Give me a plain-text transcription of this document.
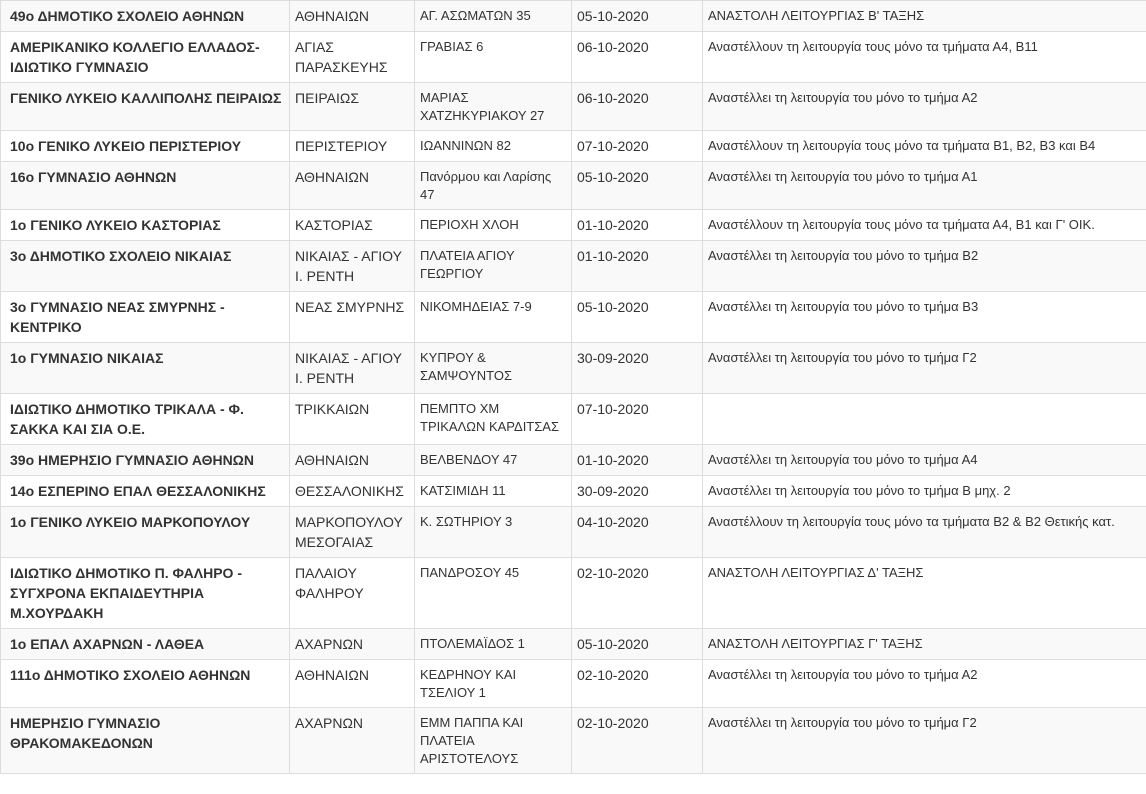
49ο ΔΗΜΟΤΙΚΟ ΣΧΟΛΕΙΟ ΑΘΗΝΩΝ	ΑΘΗΝΑΙΩΝ	ΑΓ. ΑΣΩΜΑΤΩΝ 35	05-10-2020	ΑΝΑΣΤΟΛΗ ΛΕΙΤΟΥΡΓΙΑΣ Β' ΤΑΞΗΣ
ΑΜΕΡΙΚΑΝΙΚΟ ΚΟΛΛΕΓΙΟ ΕΛΛΑΔΟΣ-ΙΔΙΩΤΙΚΟ ΓΥΜΝΑΣΙΟ	ΑΓΙΑΣ ΠΑΡΑΣΚΕΥΗΣ	ΓΡΑΒΙΑΣ 6	06-10-2020	Αναστέλλουν τη λειτουργία τους μόνο τα τμήματα Α4, Β11
ΓΕΝΙΚΟ ΛΥΚΕΙΟ ΚΑΛΛΙΠΟΛΗΣ ΠΕΙΡΑΙΩΣ	ΠΕΙΡΑΙΩΣ	ΜΑΡΙΑΣ ΧΑΤΖΗΚΥΡΙΑΚΟΥ 27	06-10-2020	Αναστέλλει τη λειτουργία του μόνο το τμήμα Α2
10ο ΓΕΝΙΚΟ ΛΥΚΕΙΟ ΠΕΡΙΣΤΕΡΙΟΥ	ΠΕΡΙΣΤΕΡΙΟΥ	ΙΩΑΝΝΙΝΩΝ 82	07-10-2020	Αναστέλλουν τη λειτουργία τους μόνο τα τμήματα Β1, Β2, Β3 και Β4
16ο ΓΥΜΝΑΣΙΟ ΑΘΗΝΩΝ	ΑΘΗΝΑΙΩΝ	Πανόρμου και Λαρίσης 47	05-10-2020	Αναστέλλει τη λειτουργία του μόνο το τμήμα Α1
1ο ΓΕΝΙΚΟ ΛΥΚΕΙΟ ΚΑΣΤΟΡΙΑΣ	ΚΑΣΤΟΡΙΑΣ	ΠΕΡΙΟΧΗ ΧΛΟΗ	01-10-2020	Αναστέλλουν τη λειτουργία τους μόνο τα τμήματα Α4, Β1 και Γ' ΟΙΚ.
3ο ΔΗΜΟΤΙΚΟ ΣΧΟΛΕΙΟ ΝΙΚΑΙΑΣ	ΝΙΚΑΙΑΣ - ΑΓΙΟΥ Ι. ΡΕΝΤΗ	ΠΛΑΤΕΙΑ ΑΓΙΟΥ ΓΕΩΡΓΙΟΥ	01-10-2020	Αναστέλλει τη λειτουργία του μόνο το τμήμα Β2
3ο ΓΥΜΝΑΣΙΟ ΝΕΑΣ ΣΜΥΡΝΗΣ - ΚΕΝΤΡΙΚΟ	ΝΕΑΣ ΣΜΥΡΝΗΣ	ΝΙΚΟΜΗΔΕΙΑΣ 7-9	05-10-2020	Αναστέλλει τη λειτουργία του μόνο το τμήμα Β3
1ο ΓΥΜΝΑΣΙΟ ΝΙΚΑΙΑΣ	ΝΙΚΑΙΑΣ - ΑΓΙΟΥ Ι. ΡΕΝΤΗ	ΚΥΠΡΟΥ & ΣΑΜΨΟΥΝΤΟΣ	30-09-2020	Αναστέλλει τη λειτουργία του μόνο το τμήμα Γ2
ΙΔΙΩΤΙΚΟ ΔΗΜΟΤΙΚΟ ΤΡΙΚΑΛΑ - Φ. ΣΑΚΚΑ ΚΑΙ ΣΙΑ Ο.Ε.	ΤΡΙΚΚΑΙΩΝ	ΠΕΜΠΤΟ ΧΜ ΤΡΙΚΑΛΩΝ ΚΑΡΔΙΤΣΑΣ	07-10-2020	
39ο ΗΜΕΡΗΣΙΟ ΓΥΜΝΑΣΙΟ ΑΘΗΝΩΝ	ΑΘΗΝΑΙΩΝ	ΒΕΛΒΕΝΔΟΥ 47	01-10-2020	Αναστέλλει τη λειτουργία του μόνο το τμήμα Α4
14ο ΕΣΠΕΡΙΝΟ ΕΠΑΛ ΘΕΣΣΑΛΟΝΙΚΗΣ	ΘΕΣΣΑΛΟΝΙΚΗΣ	ΚΑΤΣΙΜΙΔΗ 11	30-09-2020	Αναστέλλει τη λειτουργία του μόνο το τμήμα Β μηχ. 2
1ο ΓΕΝΙΚΟ ΛΥΚΕΙΟ ΜΑΡΚΟΠΟΥΛΟΥ	ΜΑΡΚΟΠΟΥΛΟΥ ΜΕΣΟΓΑΙΑΣ	Κ. ΣΩΤΗΡΙΟΥ 3	04-10-2020	Αναστέλλουν τη λειτουργία τους μόνο τα τμήματα Β2 & Β2 Θετικής κατ.
ΙΔΙΩΤΙΚΟ ΔΗΜΟΤΙΚΟ Π. ΦΑΛΗΡΟ - ΣΥΓΧΡΟΝΑ ΕΚΠΑΙΔΕΥΤΗΡΙΑ Μ.ΧΟΥΡΔΑΚΗ	ΠΑΛΑΙΟΥ ΦΑΛΗΡΟΥ	ΠΑΝΔΡΟΣΟΥ 45	02-10-2020	ΑΝΑΣΤΟΛΗ ΛΕΙΤΟΥΡΓΙΑΣ Δ' ΤΑΞΗΣ
1ο ΕΠΑΛ ΑΧΑΡΝΩΝ - ΛΑΘΕΑ	ΑΧΑΡΝΩΝ	ΠΤΟΛΕΜΑΪΔΟΣ 1	05-10-2020	ΑΝΑΣΤΟΛΗ ΛΕΙΤΟΥΡΓΙΑΣ Γ' ΤΑΞΗΣ
111ο ΔΗΜΟΤΙΚΟ ΣΧΟΛΕΙΟ ΑΘΗΝΩΝ	ΑΘΗΝΑΙΩΝ	ΚΕΔΡΗΝΟΥ ΚΑΙ ΤΣΕΛΙΟΥ 1	02-10-2020	Αναστέλλει τη λειτουργία του μόνο το τμήμα Α2
ΗΜΕΡΗΣΙΟ ΓΥΜΝΑΣΙΟ ΘΡΑΚΟΜΑΚΕΔΟΝΩΝ	ΑΧΑΡΝΩΝ	ΕΜΜ ΠΑΠΠΑ ΚΑΙ ΠΛΑΤΕΙΑ ΑΡΙΣΤΟΤΕΛΟΥΣ	02-10-2020	Αναστέλλει τη λειτουργία του μόνο το τμήμα Γ2
